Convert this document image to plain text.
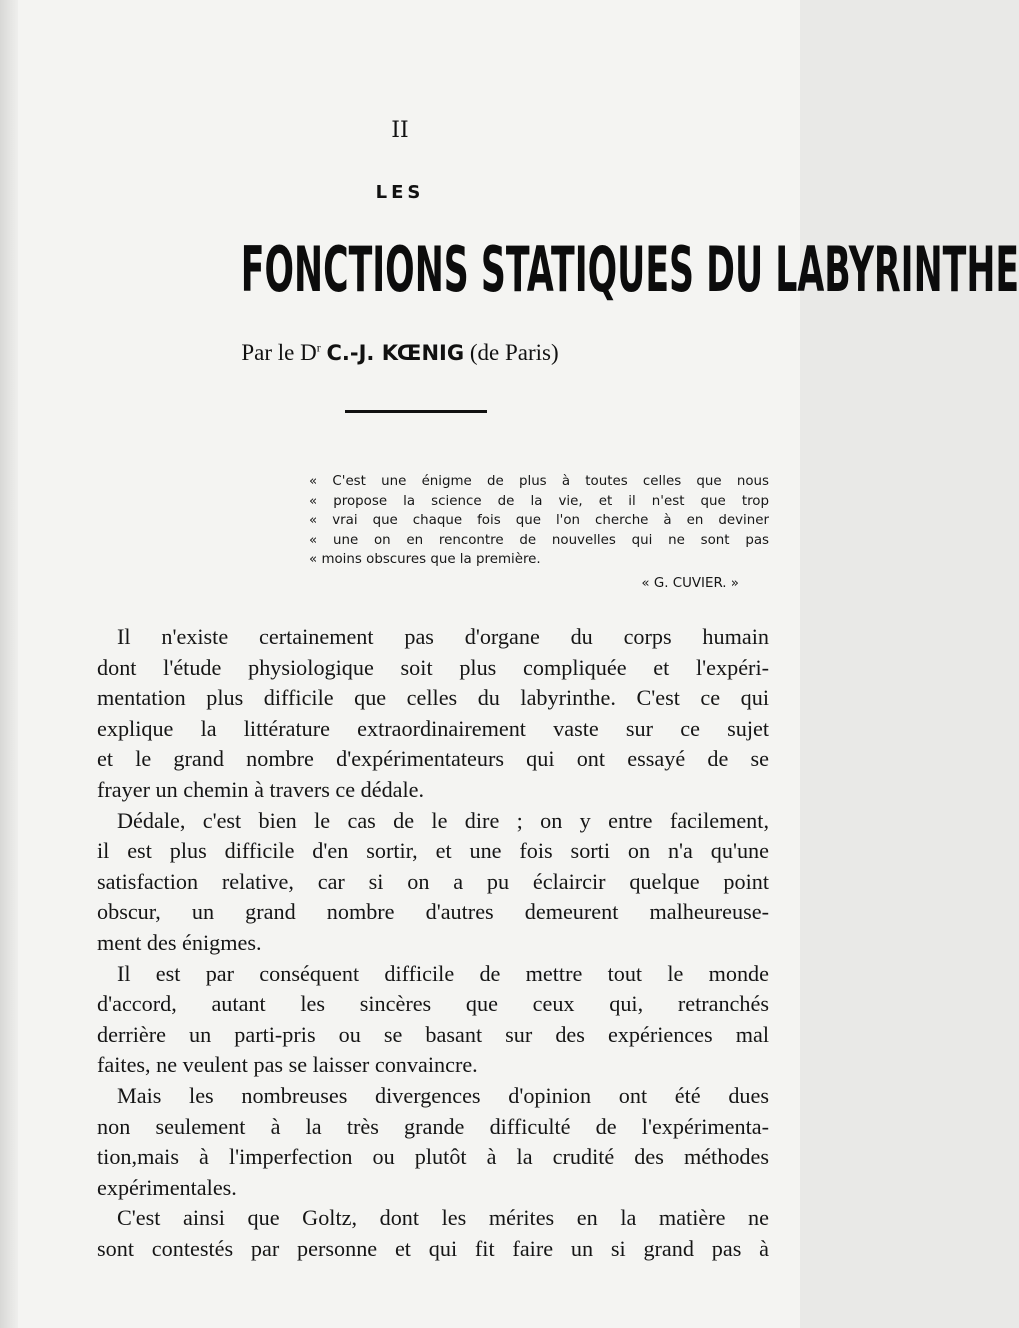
II
LES
FONCTIONS STATIQUES DU LABYRINTHE
Par le $D^r$ C.-J. KŒNIG (de Paris)
« C'est une énigme de plus à toutes celles que nous
« propose la science de la vie, et il n'est que trop
« vrai que chaque fois que l'on cherche à en deviner
« une on en rencontre de nouvelles qui ne sont pas
« moins obscures que la première.
« G. CUVIER. »
Il n'existe certainement pas d'organe du corps humain
dont l'étude physiologique soit plus compliquée et l'expéri-
mentation plus difficile que celles du labyrinthe. C'est ce qui
explique la littérature extraordinairement vaste sur ce sujet
et le grand nombre d'expérimentateurs qui ont essayé de se
frayer un chemin à travers ce dédale.
Dédale, c'est bien le cas de le dire ; on y entre facilement,
il est plus difficile d'en sortir, et une fois sorti on n'a qu'une
satisfaction relative, car si on a pu éclaircir quelque point
obscur, un grand nombre d'autres demeurent malheureuse-
ment des énigmes.
Il est par conséquent difficile de mettre tout le monde
d'accord, autant les sincères que ceux qui, retranchés
derrière un parti-pris ou se basant sur des expériences mal
faites, ne veulent pas se laisser convaincre.
Mais les nombreuses divergences d'opinion ont été dues
non seulement à la très grande difficulté de l'expérimenta-
tion,mais à l'imperfection ou plutôt à la crudité des méthodes
expérimentales.
C'est ainsi que Goltz, dont les mérites en la matière ne
sont contestés par personne et qui fit faire un si grand pas à
